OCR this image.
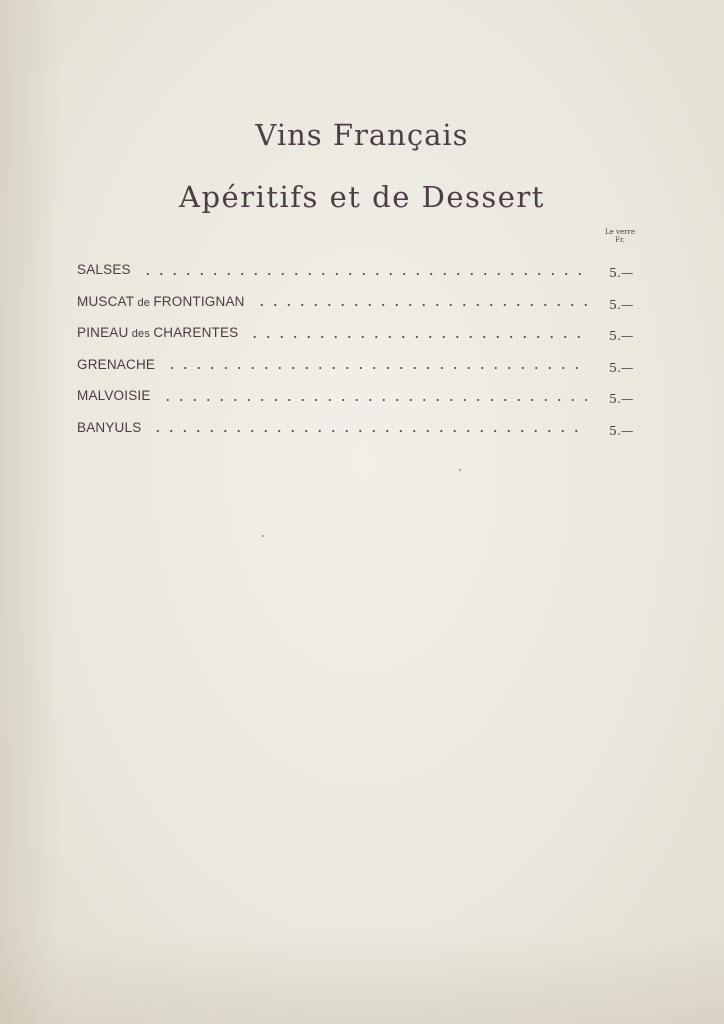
Vins Français
Apéritifs et de Dessert
Le verre
Fr.
SALSES	5.—
MUSCAT de FRONTIGNAN	5.—
PINEAU des CHARENTES	5.—
GRENACHE	5.—
MALVOISIE	5.—
BANYULS	5.—
